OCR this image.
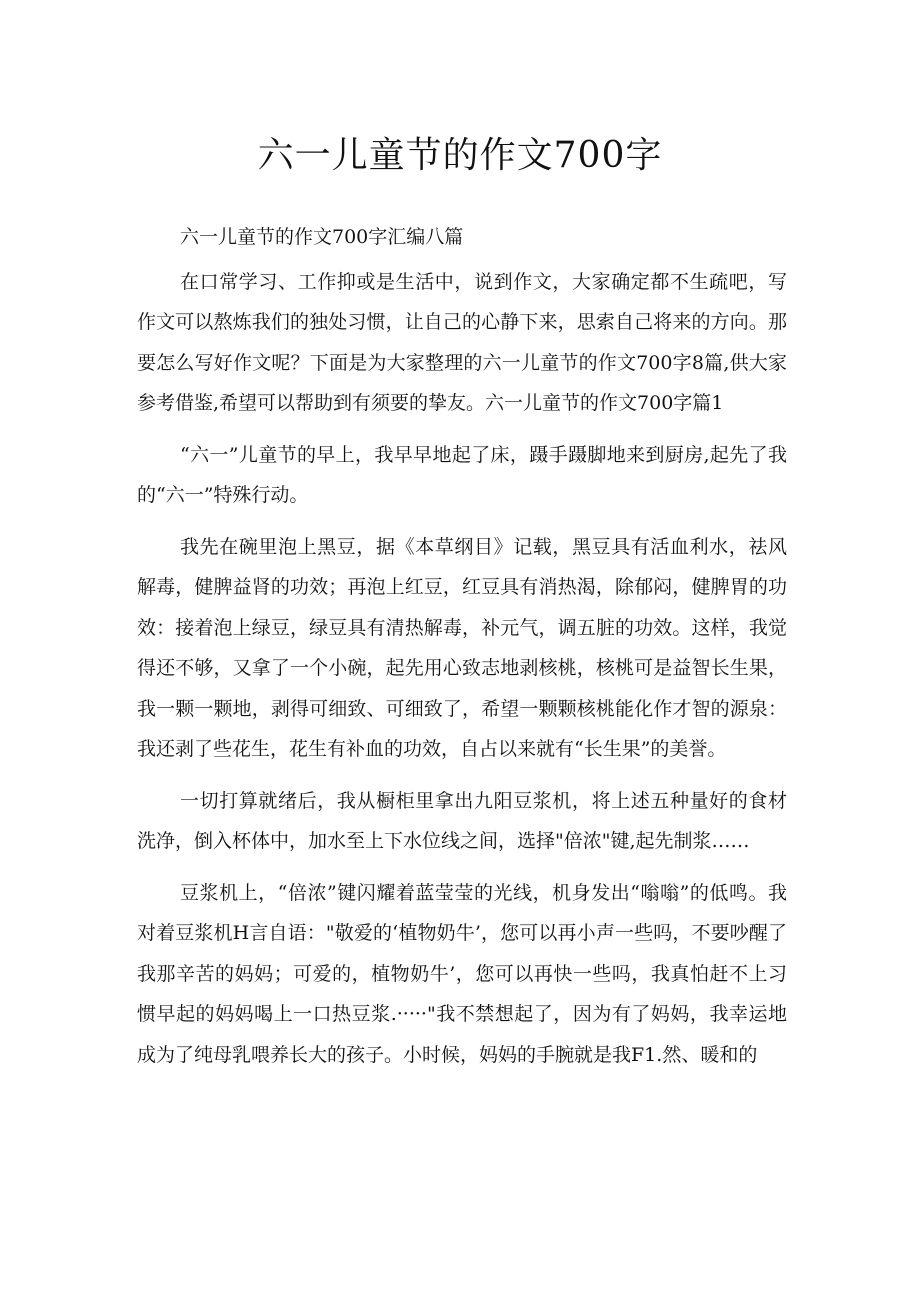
六一儿童节的作文700字

六一儿童节的作文700字汇编八篇

在口常学习、工作抑或是生活中，说到作文，大家确定都不生疏吧，写作文可以熬炼我们的独处习惯，让自己的心静下来，思索自己将来的方向。那要怎么写好作文呢？下面是为大家整理的六一儿童节的作文700字8篇,供大家参考借鉴,希望可以帮助到有须要的挚友。六一儿童节的作文700字篇1

“六一”儿童节的早上，我早早地起了床，蹑手蹑脚地来到厨房,起先了我的“六一”特殊行动。

我先在碗里泡上黑豆，据《本草纲目》记载，黑豆具有活血利水，祛风解毒，健脾益肾的功效；再泡上红豆，红豆具有消热渴，除郁闷，健脾胃的功效：接着泡上绿豆，绿豆具有清热解毒，补元气，调五脏的功效。这样，我觉得还不够，又拿了一个小碗，起先用心致志地剥核桃，核桃可是益智长生果，我一颗一颗地，剥得可细致、可细致了，希望一颗颗核桃能化作才智的源泉：我还剥了些花生，花生有补血的功效，自占以来就有“长生果”的美誉。

一切打算就绪后，我从橱柜里拿出九阳豆浆机，将上述五种量好的食材洗净，倒入杯体中，加水至上下水位线之间，选择"倍浓"键,起先制浆……

豆浆机上，“倍浓”键闪耀着蓝莹莹的光线，机身发出“嗡嗡”的低鸣。我对着豆浆机H言自语："敬爱的‘植物奶牛’，您可以再小声一些吗，不要吵醒了我那辛苦的妈妈；可爱的，植物奶牛’，您可以再快一些吗，我真怕赶不上习惯早起的妈妈喝上一口热豆浆.·····"我不禁想起了，因为有了妈妈，我幸运地成为了纯母乳喂养长大的孩子。小时候，妈妈的手腕就是我F1.然、暖和的
